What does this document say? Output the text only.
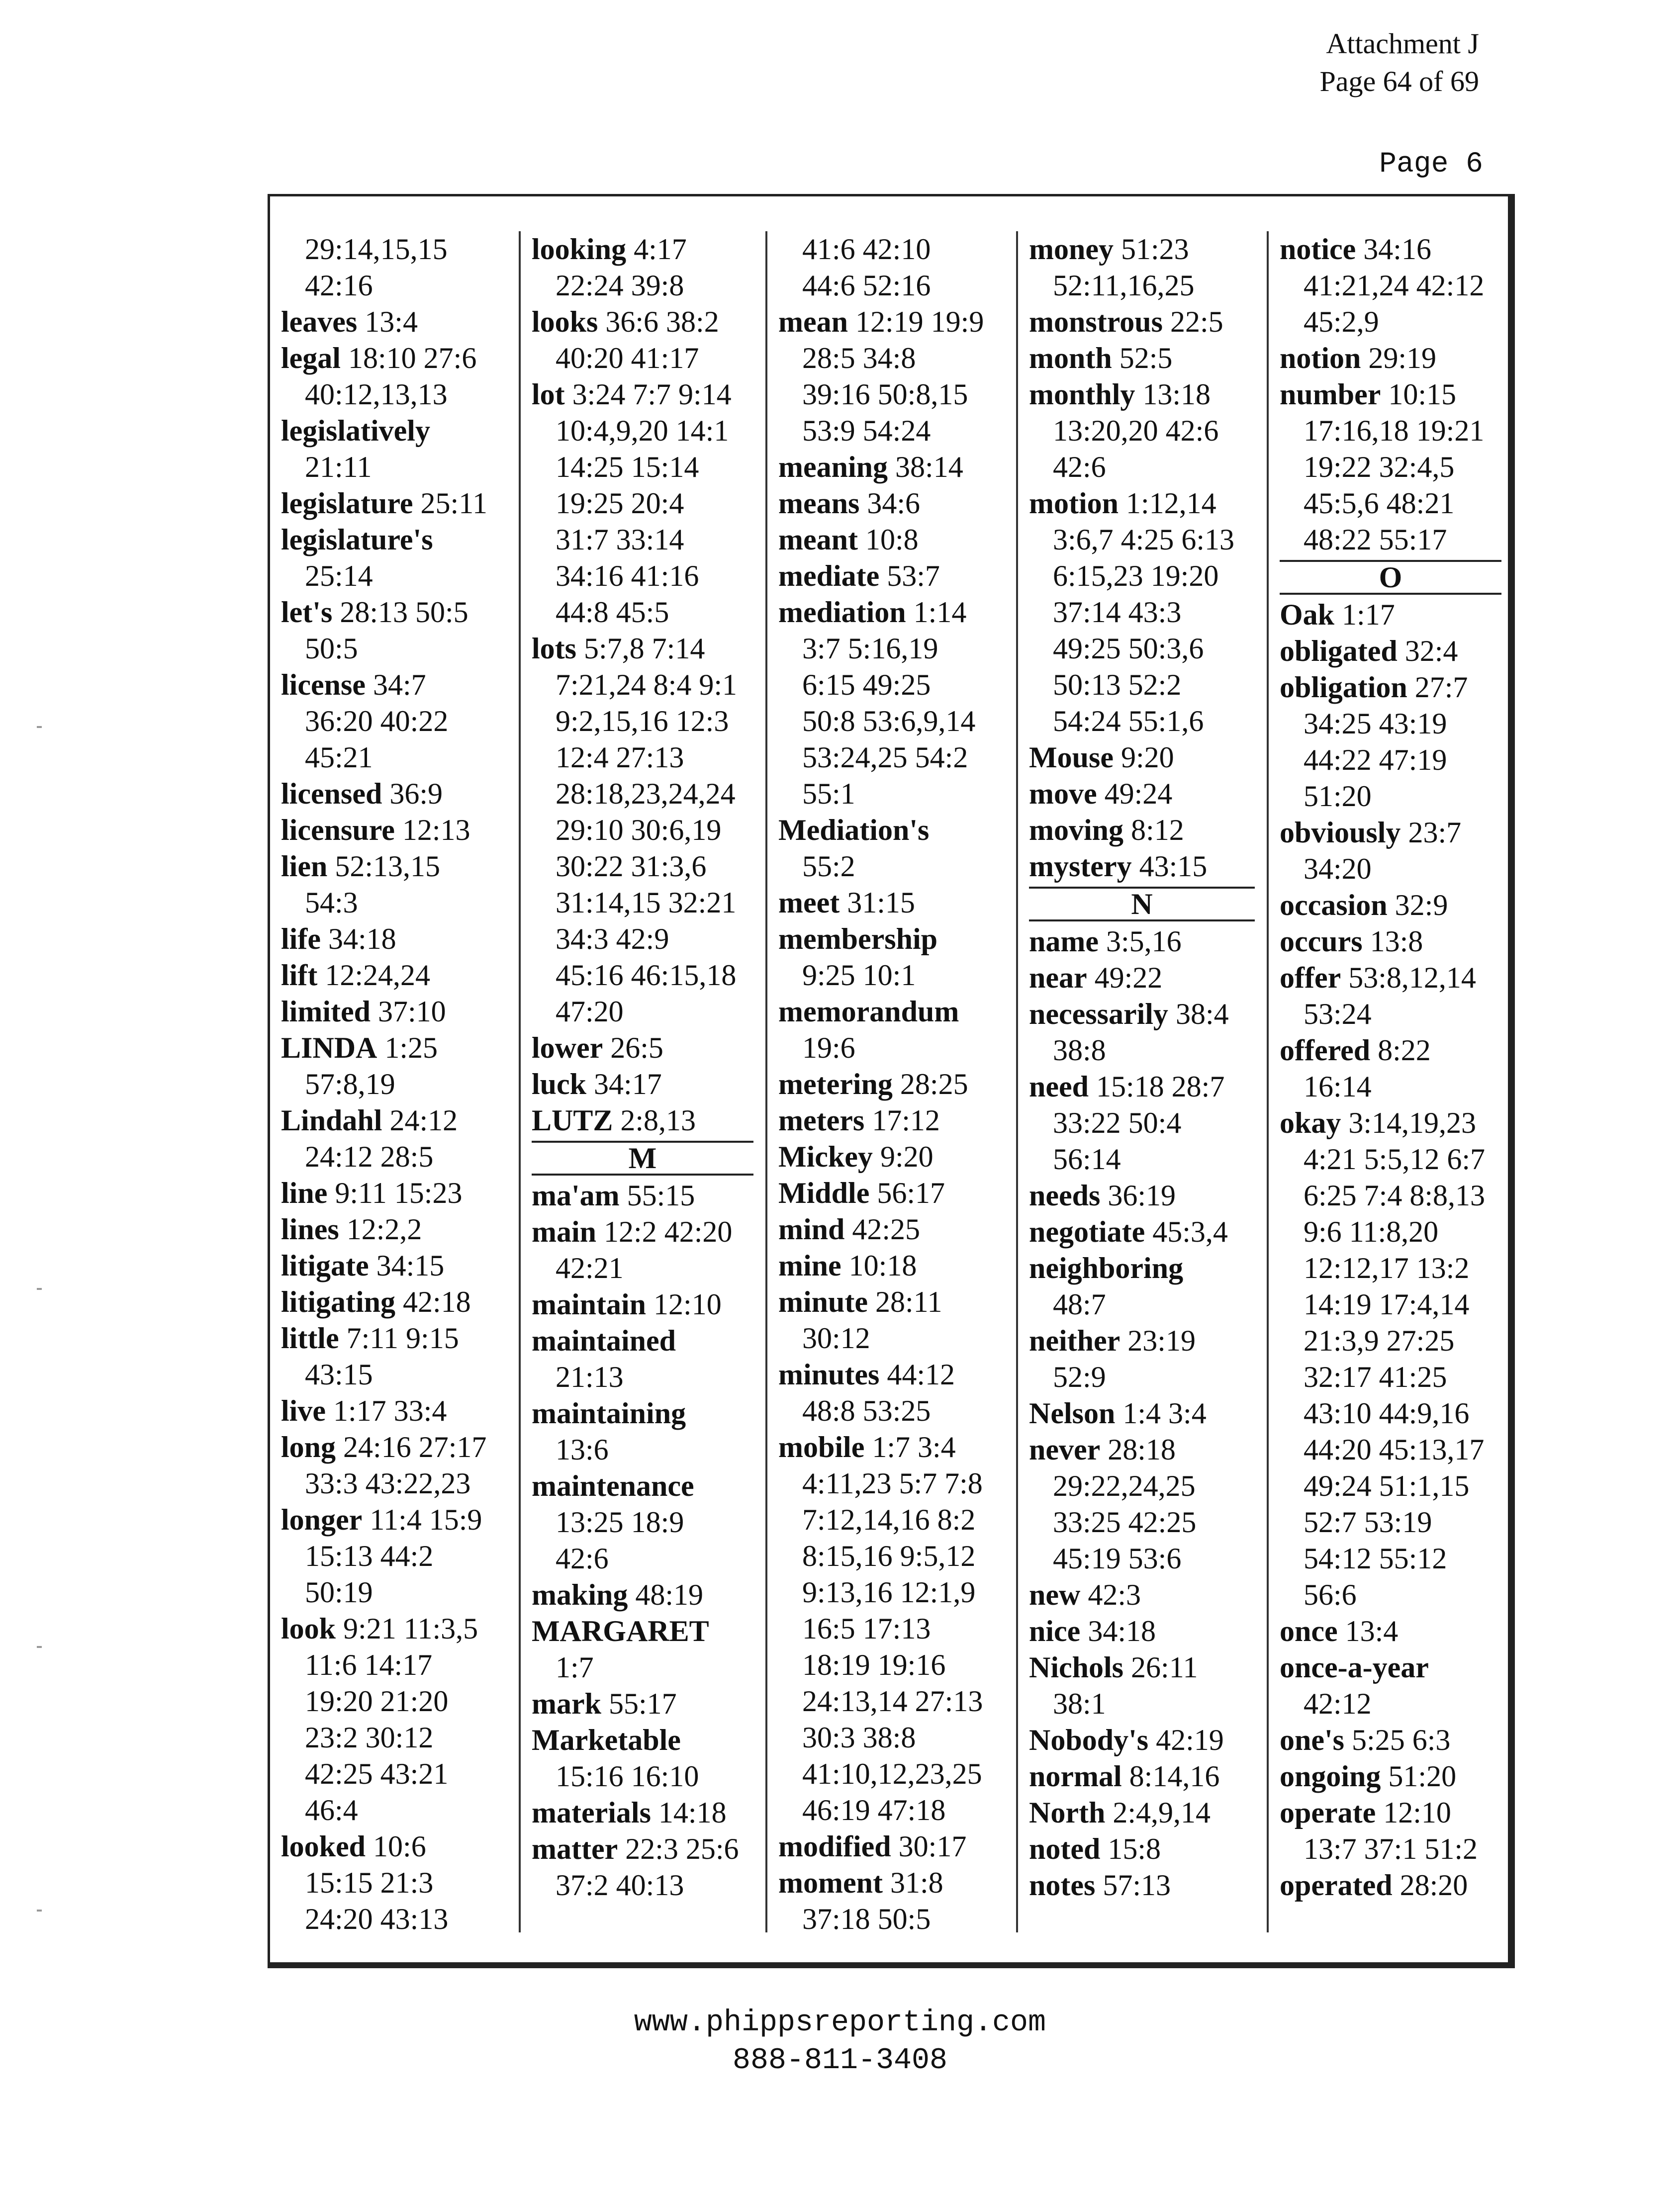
Attachment J
Page 64 of 69
Page 6
29:14,15,15
42:16
leaves 13:4
legal 18:10 27:6
40:12,13,13
legislatively
21:11
legislature 25:11
legislature's
25:14
let's 28:13 50:5
50:5
license 34:7
36:20 40:22
45:21
licensed 36:9
licensure 12:13
lien 52:13,15
54:3
life 34:18
lift 12:24,24
limited 37:10
LINDA 1:25
57:8,19
Lindahl 24:12
24:12 28:5
line 9:11 15:23
lines 12:2,2
litigate 34:15
litigating 42:18
little 7:11 9:15
43:15
live 1:17 33:4
long 24:16 27:17
33:3 43:22,23
longer 11:4 15:9
15:13 44:2
50:19
look 9:21 11:3,5
11:6 14:17
19:20 21:20
23:2 30:12
42:25 43:21
46:4
looked 10:6
15:15 21:3
24:20 43:13
looking 4:17
22:24 39:8
looks 36:6 38:2
40:20 41:17
lot 3:24 7:7 9:14
10:4,9,20 14:1
14:25 15:14
19:25 20:4
31:7 33:14
34:16 41:16
44:8 45:5
lots 5:7,8 7:14
7:21,24 8:4 9:1
9:2,15,16 12:3
12:4 27:13
28:18,23,24,24
29:10 30:6,19
30:22 31:3,6
31:14,15 32:21
34:3 42:9
45:16 46:15,18
47:20
lower 26:5
luck 34:17
LUTZ 2:8,13
M
ma'am 55:15
main 12:2 42:20
42:21
maintain 12:10
maintained
21:13
maintaining
13:6
maintenance
13:25 18:9
42:6
making 48:19
MARGARET
1:7
mark 55:17
Marketable
15:16 16:10
materials 14:18
matter 22:3 25:6
37:2 40:13
41:6 42:10
44:6 52:16
mean 12:19 19:9
28:5 34:8
39:16 50:8,15
53:9 54:24
meaning 38:14
means 34:6
meant 10:8
mediate 53:7
mediation 1:14
3:7 5:16,19
6:15 49:25
50:8 53:6,9,14
53:24,25 54:2
55:1
Mediation's
55:2
meet 31:15
membership
9:25 10:1
memorandum
19:6
metering 28:25
meters 17:12
Mickey 9:20
Middle 56:17
mind 42:25
mine 10:18
minute 28:11
30:12
minutes 44:12
48:8 53:25
mobile 1:7 3:4
4:11,23 5:7 7:8
7:12,14,16 8:2
8:15,16 9:5,12
9:13,16 12:1,9
16:5 17:13
18:19 19:16
24:13,14 27:13
30:3 38:8
41:10,12,23,25
46:19 47:18
modified 30:17
moment 31:8
37:18 50:5
money 51:23
52:11,16,25
monstrous 22:5
month 52:5
monthly 13:18
13:20,20 42:6
42:6
motion 1:12,14
3:6,7 4:25 6:13
6:15,23 19:20
37:14 43:3
49:25 50:3,6
50:13 52:2
54:24 55:1,6
Mouse 9:20
move 49:24
moving 8:12
mystery 43:15
N
name 3:5,16
near 49:22
necessarily 38:4
38:8
need 15:18 28:7
33:22 50:4
56:14
needs 36:19
negotiate 45:3,4
neighboring
48:7
neither 23:19
52:9
Nelson 1:4 3:4
never 28:18
29:22,24,25
33:25 42:25
45:19 53:6
new 42:3
nice 34:18
Nichols 26:11
38:1
Nobody's 42:19
normal 8:14,16
North 2:4,9,14
noted 15:8
notes 57:13
notice 34:16
41:21,24 42:12
45:2,9
notion 29:19
number 10:15
17:16,18 19:21
19:22 32:4,5
45:5,6 48:21
48:22 55:17
O
Oak 1:17
obligated 32:4
obligation 27:7
34:25 43:19
44:22 47:19
51:20
obviously 23:7
34:20
occasion 32:9
occurs 13:8
offer 53:8,12,14
53:24
offered 8:22
16:14
okay 3:14,19,23
4:21 5:5,12 6:7
6:25 7:4 8:8,13
9:6 11:8,20
12:12,17 13:2
14:19 17:4,14
21:3,9 27:25
32:17 41:25
43:10 44:9,16
44:20 45:13,17
49:24 51:1,15
52:7 53:19
54:12 55:12
56:6
once 13:4
once-a-year
42:12
one's 5:25 6:3
ongoing 51:20
operate 12:10
13:7 37:1 51:2
operated 28:20
www.phippsreporting.com
888-811-3408
